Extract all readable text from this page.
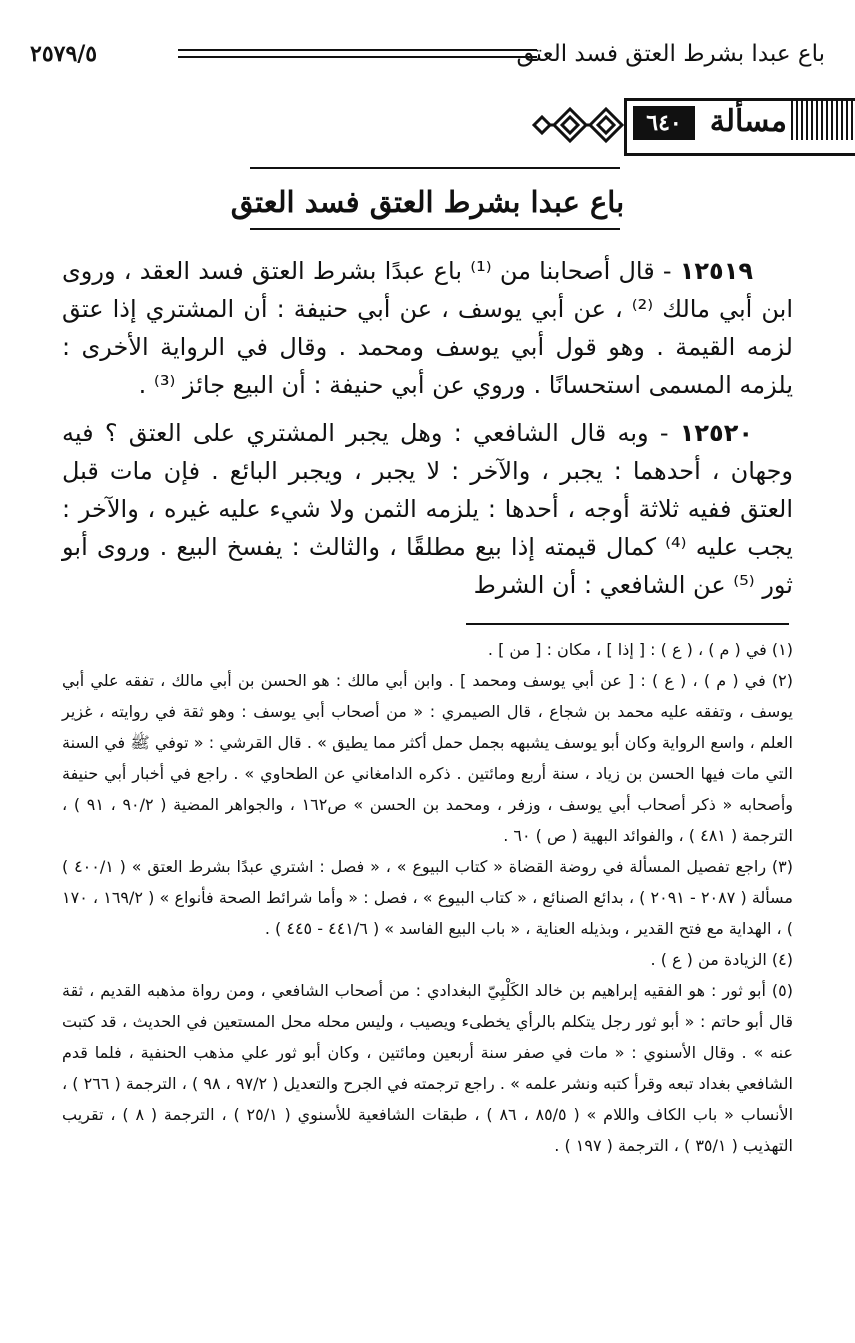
باع عبدا بشرط العتق فسد العتق
٢٥٧٩/٥
مسألة
٦٤٠
باع عبدا بشرط العتق فسد العتق

١٢٥١٩ - قال أصحابنا من ⁽¹⁾ باع عبدًا بشرط العتق فسد العقد ، وروى ابن أبي مالك ⁽²⁾ ، عن أبي يوسف ، عن أبي حنيفة : أن المشتري إذا عتق لزمه القيمة . وهو قول أبي يوسف ومحمد . وقال في الرواية الأخرى : يلزمه المسمى استحسانًا . وروي عن أبي حنيفة : أن البيع جائز ⁽³⁾ .

١٢٥٢٠ - وبه قال الشافعي : وهل يجبر المشتري على العتق ؟ فيه وجهان ، أحدهما : يجبر ، والآخر : لا يجبر ، ويجبر البائع . فإن مات قبل العتق ففيه ثلاثة أوجه ، أحدها : يلزمه الثمن ولا شيء عليه غيره ، والآخر : يجب عليه ⁽⁴⁾ كمال قيمته إذا بيع مطلقًا ، والثالث : يفسخ البيع . وروى أبو ثور ⁽⁵⁾ عن الشافعي : أن الشرط

(١) في ( م ) ، ( ع ) : [ إذا ] ، مكان : [ من ] .

(٢) في ( م ) ، ( ع ) : [ عن أبي يوسف ومحمد ] . وابن أبي مالك : هو الحسن بن أبي مالك ، تفقه علي أبي يوسف ، وتفقه عليه محمد بن شجاع ، قال الصيمري : « من أصحاب أبي يوسف : وهو ثقة في روايته ، غزير العلم ، واسع الرواية وكان أبو يوسف يشبهه بجمل حمل أكثر مما يطيق » . قال القرشي : « توفي ﷺ في السنة التي مات فيها الحسن بن زياد ، سنة أربع ومائتين . ذكره الدامغاني عن الطحاوي » . راجع في أخبار أبي حنيفة وأصحابه « ذكر أصحاب أبي يوسف ، وزفر ، ومحمد بن الحسن » ص١٦٢ ، والجواهر المضية ( ٩٠/٢ ، ٩١ ) ، الترجمة ( ٤٨١ ) ، والفوائد البهية ( ص ) ٦٠ .

(٣) راجع تفصيل المسألة في روضة القضاة « كتاب البيوع » ، « فصل : اشتري عبدًا بشرط العتق » ( ٤٠٠/١ ) مسألة ( ٢٠٨٧ - ٢٠٩١ ) ، بدائع الصنائع ، « كتاب البيوع » ، فصل : « وأما شرائط الصحة فأنواع » ( ١٦٩/٢ ، ١٧٠ ) ، الهداية مع فتح القدير ، وبذيله العناية ، « باب البيع الفاسد » ( ٤٤١/٦ - ٤٤٥ ) .

(٤) الزيادة من ( ع ) .

(٥) أبو ثور : هو الفقيه إبراهيم بن خالد الكَلْبِيّ البغدادي : من أصحاب الشافعي ، ومن رواة مذهبه القديم ، ثقة قال أبو حاتم : « أبو ثور رجل يتكلم بالرأي يخطىء ويصيب ، وليس محله محل المستعين في الحديث ، قد كتبت عنه » . وقال الأسنوي : « مات في صفر سنة أربعين ومائتين ، وكان أبو ثور علي مذهب الحنفية ، فلما قدم الشافعي بغداد تبعه وقرأ كتبه ونشر علمه » . راجع ترجمته في الجرح والتعديل ( ٩٧/٢ ، ٩٨ ) ، الترجمة ( ٢٦٦ ) ، الأنساب « باب الكاف واللام » ( ٨٥/٥ ، ٨٦ ) ، طبقات الشافعية للأسنوي ( ٢٥/١ ) ، الترجمة ( ٨ ) ، تقريب التهذيب ( ٣٥/١ ) ، الترجمة ( ١٩٧ ) .
